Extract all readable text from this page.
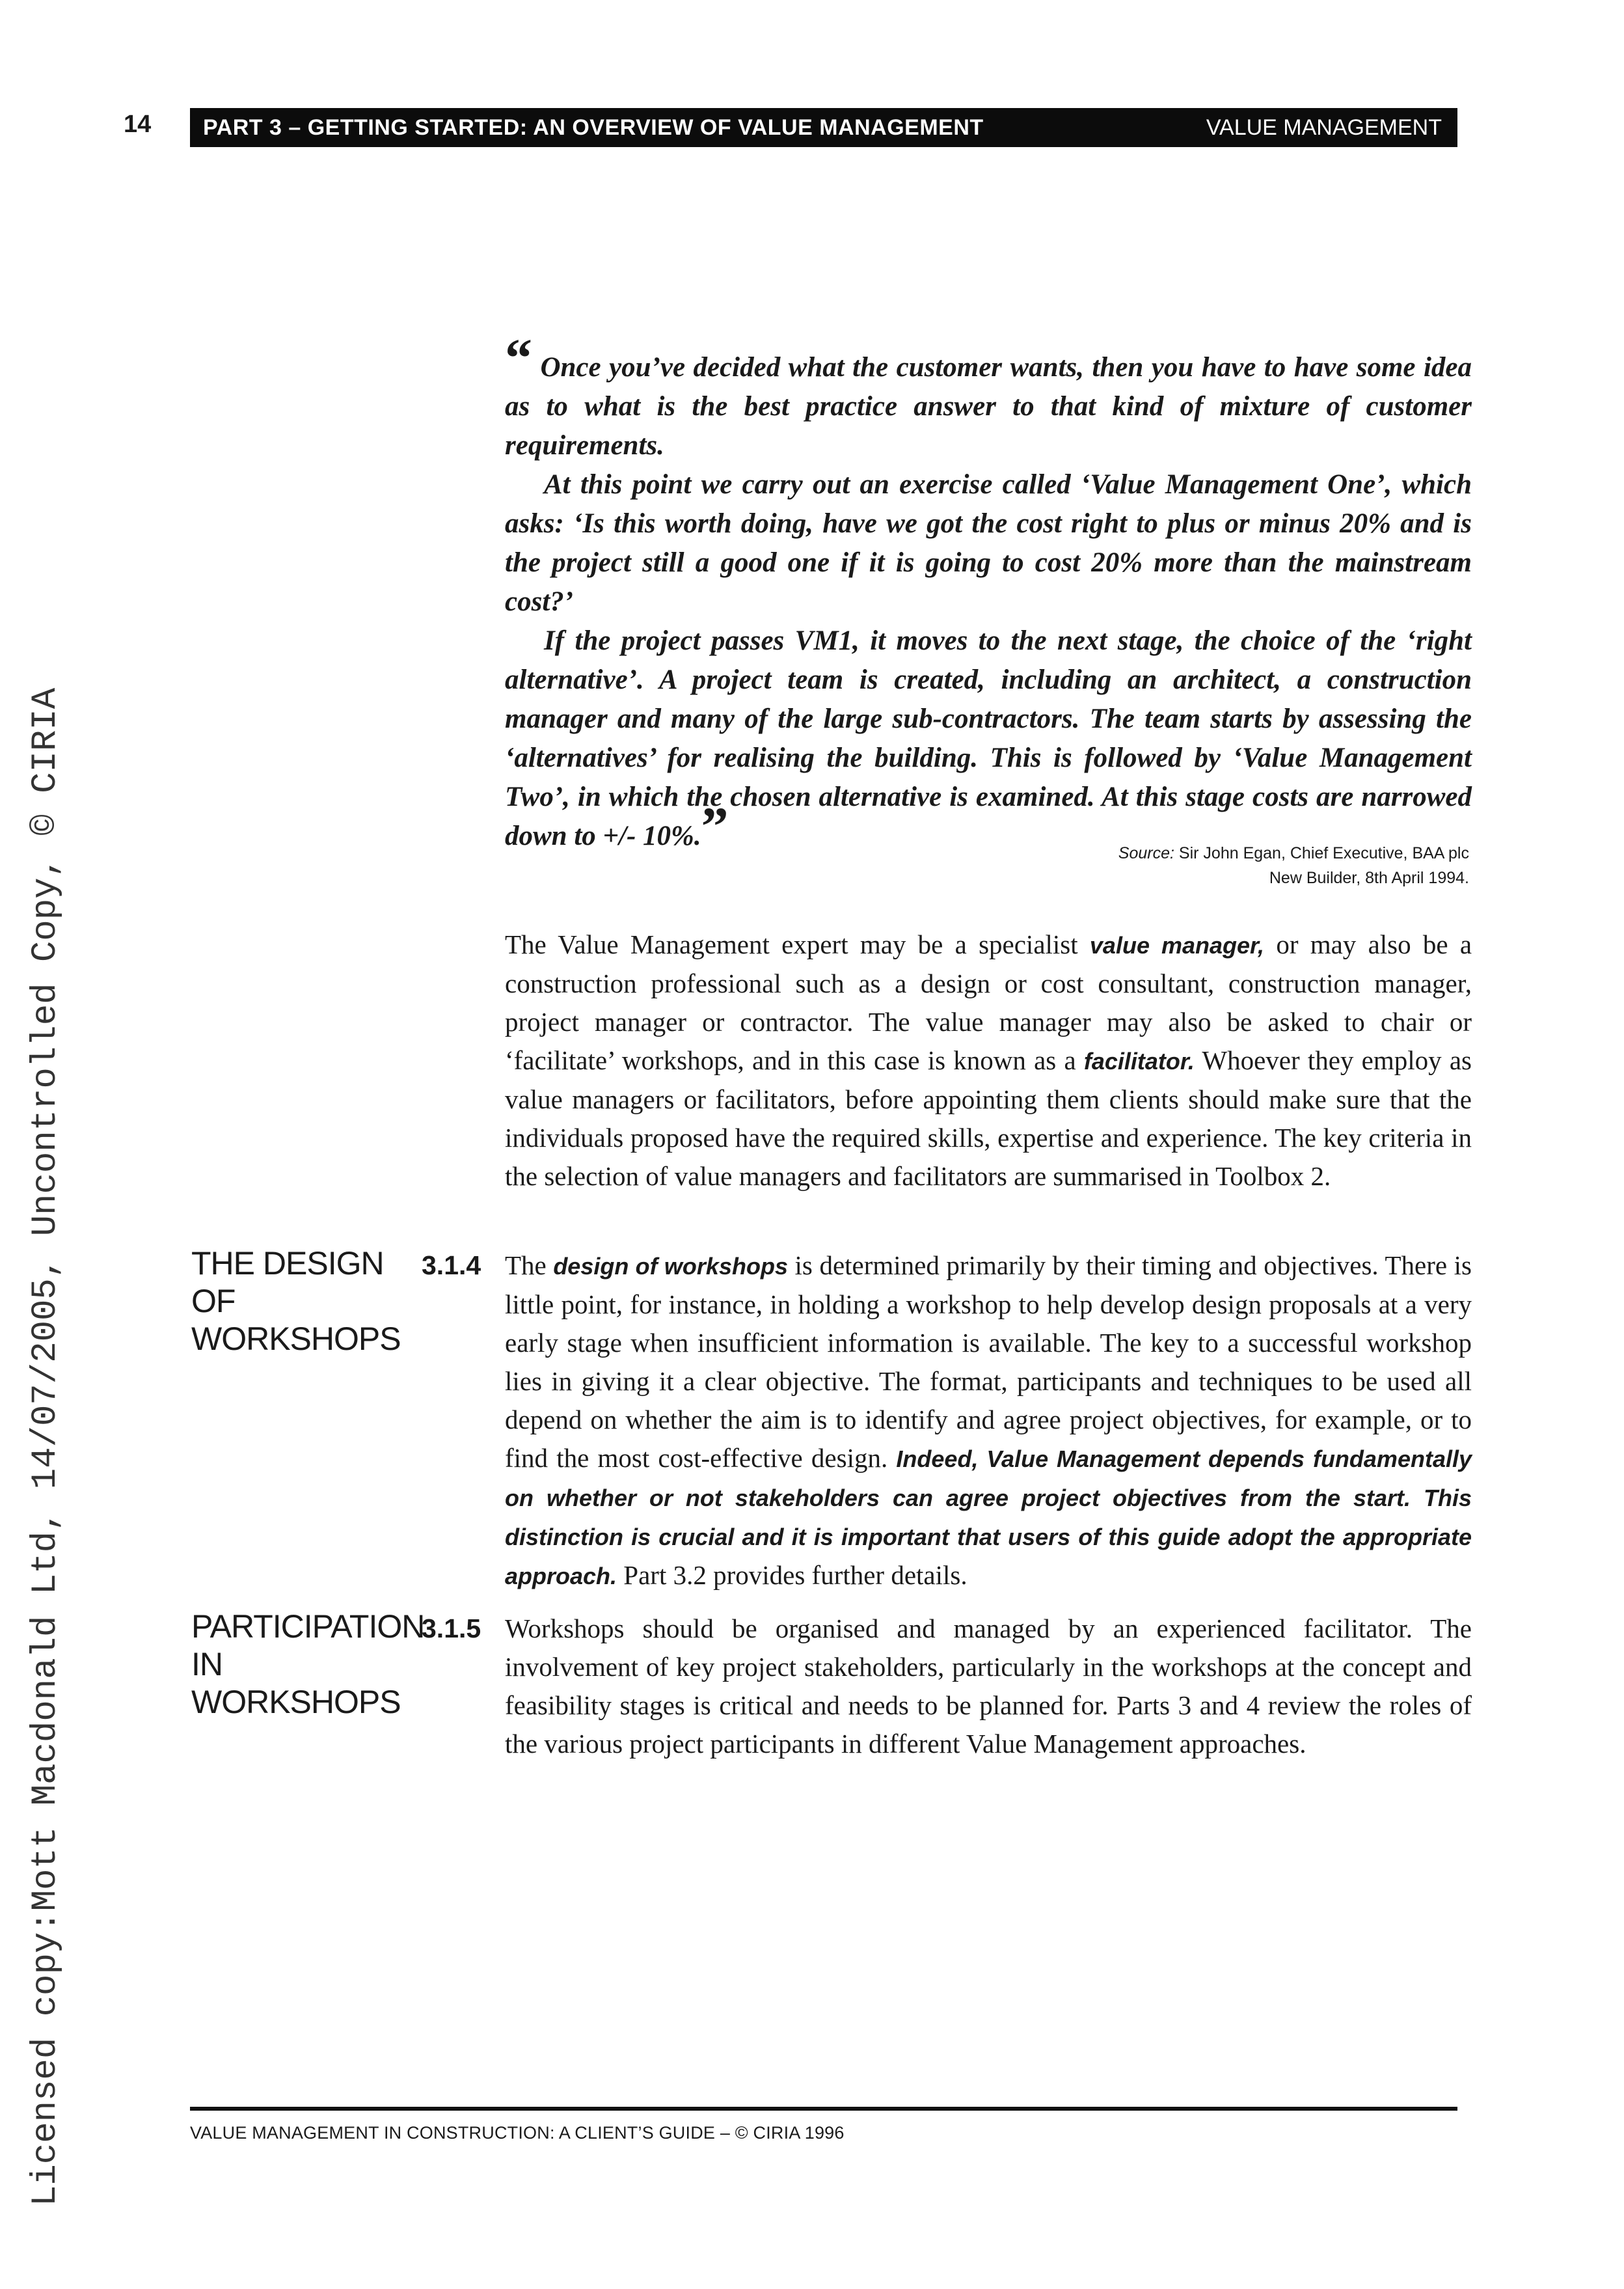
14 PART 3 – GETTING STARTED: AN OVERVIEW OF VALUE MANAGEMENT	VALUE MANAGEMENT

“ Once you’ve decided what the customer wants, then you have to have some idea as to what is the best practice answer to that kind of mixture of customer requirements.

At this point we carry out an exercise called ‘Value Management One’, which asks: ‘Is this worth doing, have we got the cost right to plus or minus 20% and is the project still a good one if it is going to cost 20% more than the mainstream cost?’

If the project passes VM1, it moves to the next stage, the choice of the ‘right alternative’. A project team is created, including an architect, a construction manager and many of the large sub-contractors. The team starts by assessing the ‘alternatives’ for realising the building. This is followed by ‘Value Management Two’, in which the chosen alternative is examined. At this stage costs are narrowed down to +/- 10%.”	Source: Sir John Egan, Chief Executive, BAA plc
New Builder, 8th April 1994.

The Value Management expert may be a specialist value manager, or may also be a construction professional such as a design or cost consultant, construction manager, project manager or contractor. The value manager may also be asked to chair or ‘facilitate’ workshops, and in this case is known as a facilitator. Whoever they employ as value managers or facilitators, before appointing them clients should make sure that the individuals proposed have the required skills, expertise and experience. The key criteria in the selection of value managers and facilitators are summarised in Toolbox 2.

THE DESIGN OF
WORKSHOPS
3.1.4 The design of workshops is determined primarily by their timing and objectives. There is little point, for instance, in holding a workshop to help develop design proposals at a very early stage when insufficient information is available. The key to a successful workshop lies in giving it a clear objective. The format, participants and techniques to be used all depend on whether the aim is to identify and agree project objectives, for example, or to find the most cost-effective design. Indeed, Value Management depends fundamentally on whether or not stakeholders can agree project objectives from the start. This distinction is crucial and it is important that users of this guide adopt the appropriate approach. Part 3.2 provides further details.

PARTICIPATION
IN WORKSHOPS
3.1.5 Workshops should be organised and managed by an experienced facilitator. The involvement of key project stakeholders, particularly in the workshops at the concept and feasibility stages is critical and needs to be planned for. Parts 3 and 4 review the roles of the various project participants in different Value Management approaches.

VALUE MANAGEMENT IN CONSTRUCTION: A CLIENT’S GUIDE – © CIRIA 1996
Licensed copy:Mott Macdonald Ltd, 14/07/2005, Uncontrolled Copy, © CIRIA
